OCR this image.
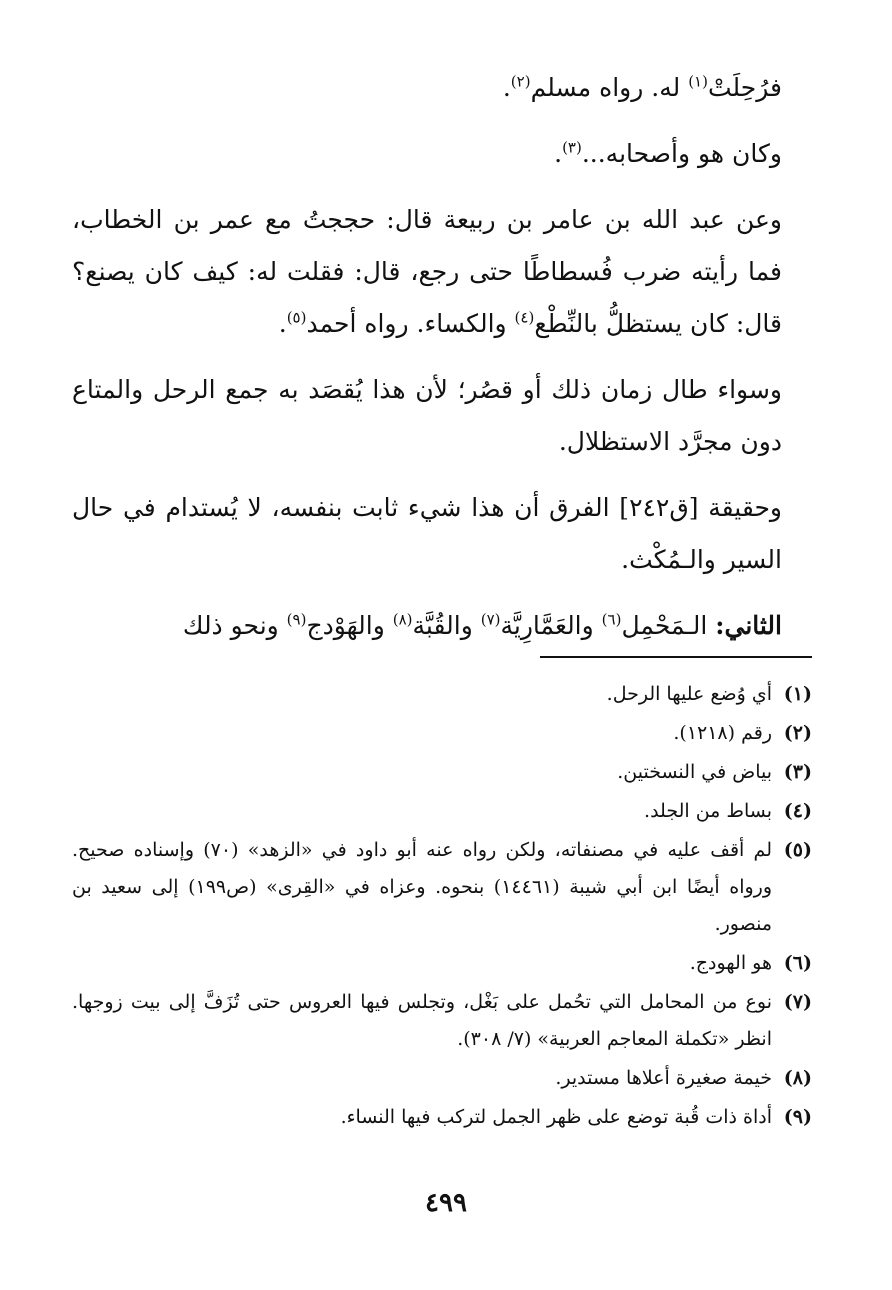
فرُحِلَتْ$^{(١)}$ له. رواه مسلم$^{(٢)}$.

وكان هو وأصحابه...$^{(٣)}$.

وعن عبد الله بن عامر بن ربيعة قال: حججتُ مع عمر بن الخطاب، فما رأيته ضرب فُسطاطًا حتى رجع، قال: فقلت له: كيف كان يصنع؟ قال: كان يستظلُّ بالنِّطْع$^{(٤)}$ والكساء. رواه أحمد$^{(٥)}$.

وسواء طال زمان ذلك أو قصُر؛ لأن هذا يُقصَد به جمع الرحل والمتاع دون مجرَّد الاستظلال.

وحقيقة [ق٢٤٢] الفرق أن هذا شيء ثابت بنفسه، لا يُستدام في حال السير والـمُكْث.

الثاني: الـمَحْمِل$^{(٦)}$ والعَمَّارِيَّة$^{(٧)}$ والقُبَّة$^{(٨)}$ والهَوْدج$^{(٩)}$ ونحو ذلك

(١)
أي وُضع عليها الرحل.
(٢)
رقم (١٢١٨).
(٣)
بياض في النسختين.
(٤)
بساط من الجلد.
(٥)
لم أقف عليه في مصنفاته، ولكن رواه عنه أبو داود في «الزهد» (٧٠) وإسناده صحيح. ورواه أيضًا ابن أبي شيبة (١٤٤٦١) بنحوه. وعزاه في «القِرى» (ص١٩٩) إلى سعيد بن منصور.
(٦)
هو الهودج.
(٧)
نوع من المحامل التي تحُمل على بَغْل، وتجلس فيها العروس حتى تُزَفَّ إلى بيت زوجها. انظر «تكملة المعاجم العربية» (٧/ ٣٠٨).
(٨)
خيمة صغيرة أعلاها مستدير.
(٩)
أداة ذات قُبة توضع على ظهر الجمل لتركب فيها النساء.
٤٩٩
